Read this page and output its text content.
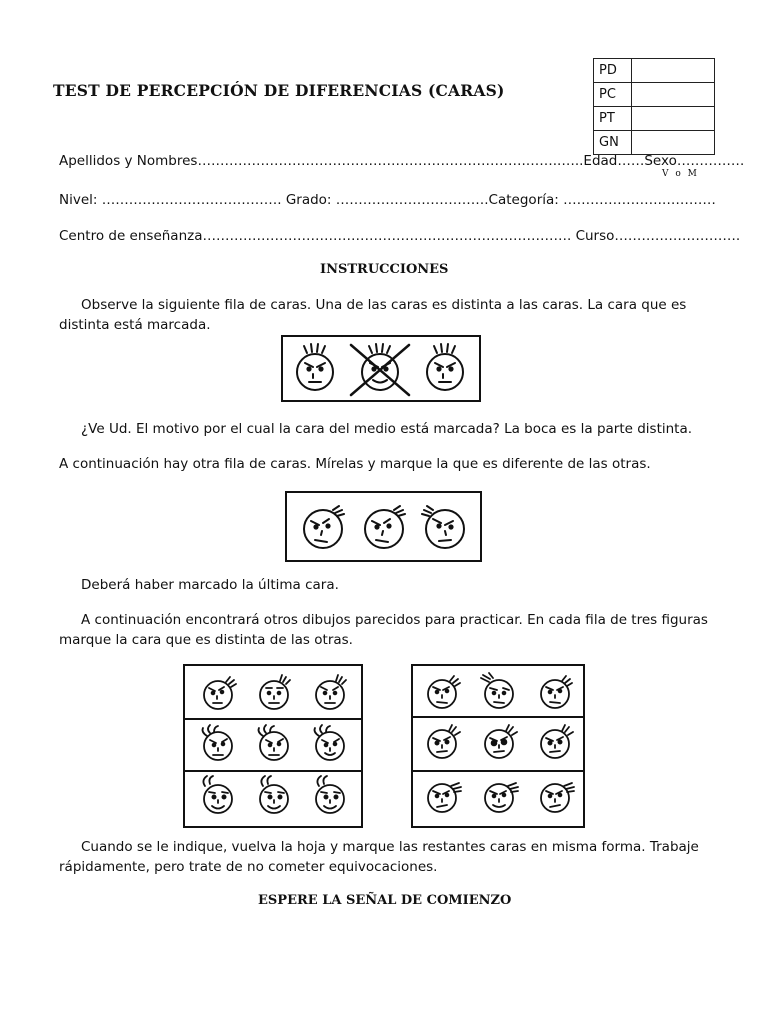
TEST DE PERCEPCIÓN DE DIFERENCIAS (CARAS)
PD	
PC	
PT	
GN	
Apellidos y Nombres……………………………………………………………….……..…..Edad……Sexo……………
V o M
Nivel: …………………………………. Grado: …………………………….Categoría: ………………….…………
Centro de enseñanza………………………………………………………………………. Curso……………………….
INSTRUCCIONES
Observe la siguiente fila de caras. Una de las caras es distinta a las caras. La cara que es distinta está marcada.
¿Ve Ud. El motivo por el cual la cara del medio está marcada? La boca es la parte distinta.
A continuación hay otra fila de caras. Mírelas y marque la que es diferente de las otras.
Deberá haber marcado la última cara.
A continuación encontrará otros dibujos parecidos para practicar. En cada fila de tres figuras marque la cara que es distinta de las otras.
Cuando se le indique, vuelva la hoja y marque las restantes caras en misma forma. Trabaje rápidamente, pero trate de no cometer equivocaciones.
ESPERE LA SEÑAL DE COMIENZO
